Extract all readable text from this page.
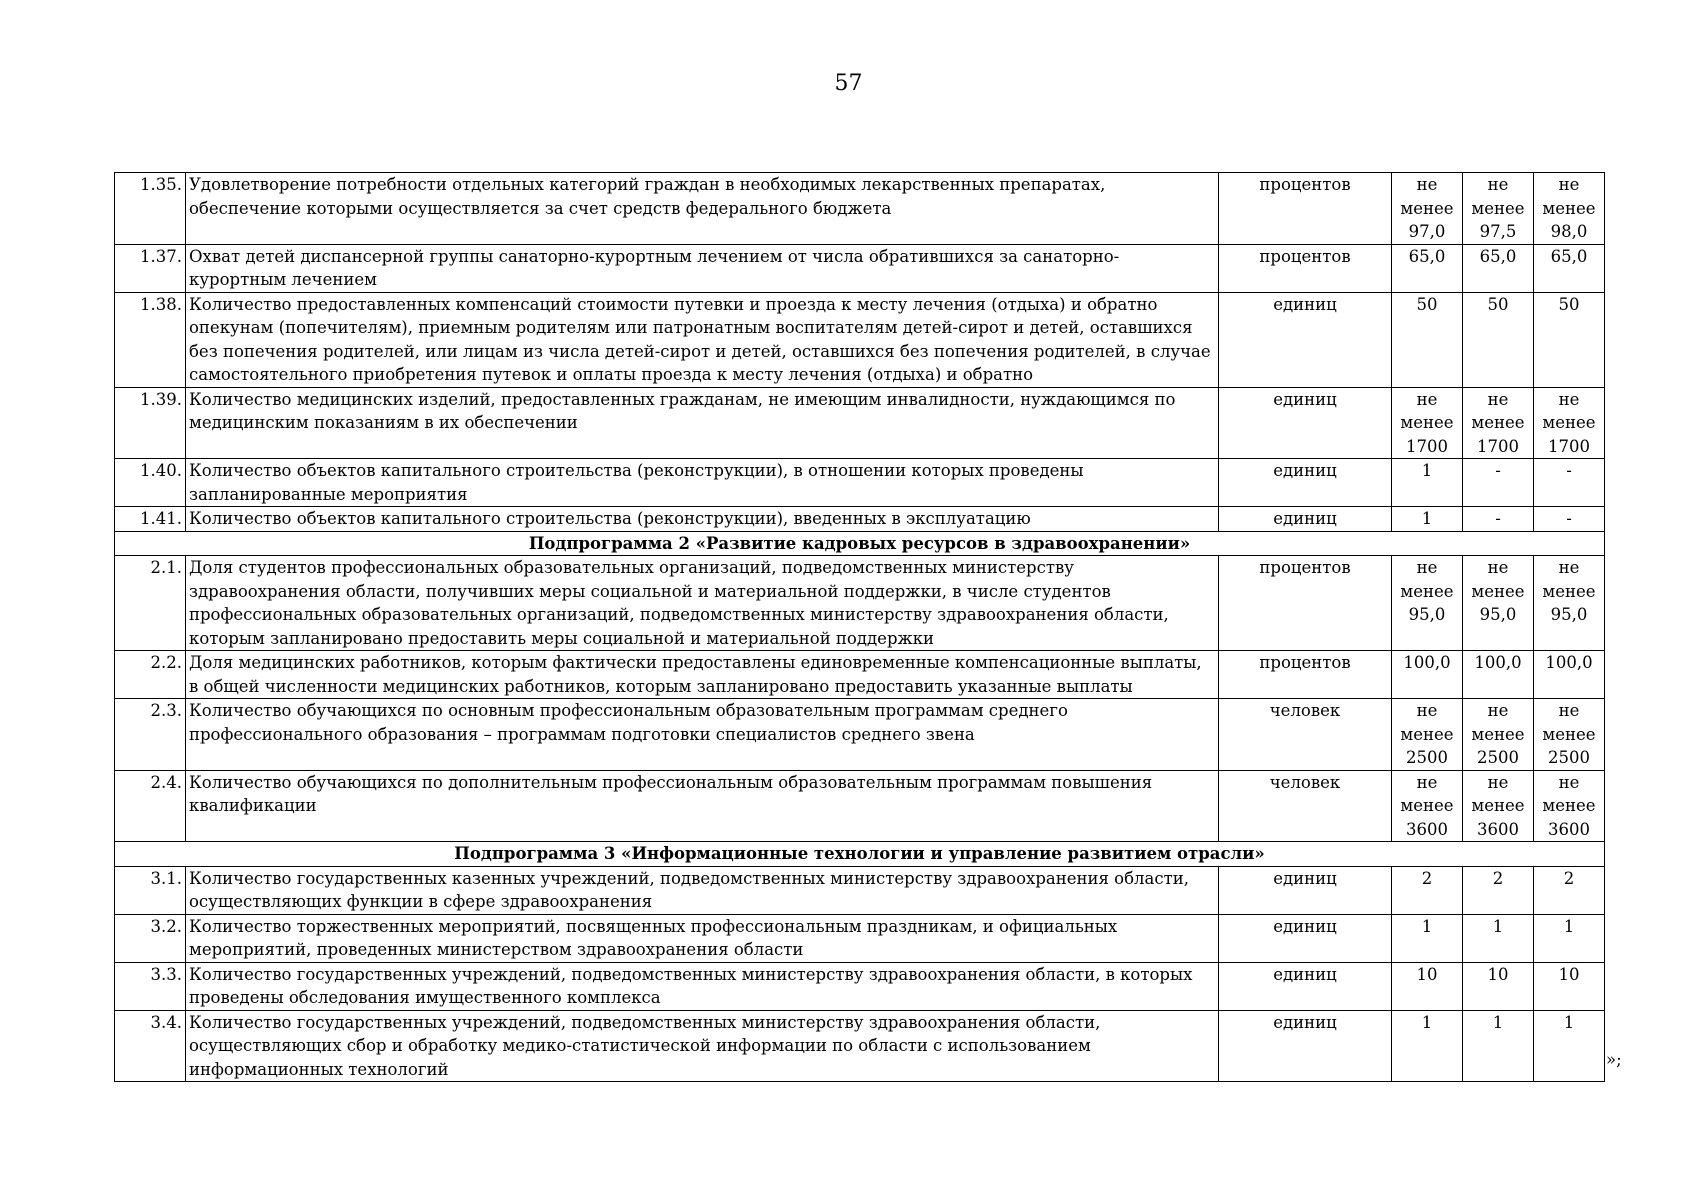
57
1.35.	Удовлетворение потребности отдельных категорий граждан в необходимых лекарственных препаратах, обеспечение которыми осуществляется за счет средств федерального бюджета	процентов	не менее 97,0	не менее 97,5	не менее 98,0
1.37.	Охват детей диспансерной группы санаторно-курортным лечением от числа обратившихся за санаторно-курортным лечением	процентов	65,0	65,0	65,0
1.38.	Количество предоставленных компенсаций стоимости путевки и проезда к месту лечения (отдыха) и обратно опекунам (попечителям), приемным родителям или патронатным воспитателям детей-сирот и детей, оставшихся без попечения родителей, или лицам из числа детей-сирот и детей, оставшихся без попечения родителей, в случае самостоятельного приобретения путевок и оплаты проезда к месту лечения (отдыха) и обратно	единиц	50	50	50
1.39.	Количество медицинских изделий, предоставленных гражданам, не имеющим инвалидности, нуждающимся по медицинским показаниям в их обеспечении	единиц	не менее 1700	не менее 1700	не менее 1700
1.40.	Количество объектов капитального строительства (реконструкции), в отношении которых проведены запланированные мероприятия	единиц	1	-	-
1.41.	Количество объектов капитального строительства (реконструкции), введенных в эксплуатацию	единиц	1	-	-
Подпрограмма 2 «Развитие кадровых ресурсов в здравоохранении»					
2.1.	Доля студентов профессиональных образовательных организаций, подведомственных министерству здравоохранения области, получивших меры социальной и материальной поддержки, в числе студентов профессиональных образовательных организаций, подведомственных министерству здравоохранения области, которым запланировано предоставить меры социальной и материальной поддержки	процентов	не менее 95,0	не менее 95,0	не менее 95,0
2.2.	Доля медицинских работников, которым фактически предоставлены единовременные компенсационные выплаты, в общей численности медицинских работников, которым запланировано предоставить указанные выплаты	процентов	100,0	100,0	100,0
2.3.	Количество обучающихся по основным профессиональным образовательным программам среднего профессионального образования – программам подготовки специалистов среднего звена	человек	не менее 2500	не менее 2500	не менее 2500
2.4.	Количество обучающихся по дополнительным профессиональным образовательным программам повышения квалификации	человек	не менее 3600	не менее 3600	не менее 3600
Подпрограмма 3 «Информационные технологии и управление развитием отрасли»					
3.1.	Количество государственных казенных учреждений, подведомственных министерству здравоохранения области, осуществляющих функции в сфере здравоохранения	единиц	2	2	2
3.2.	Количество торжественных мероприятий, посвященных профессиональным праздникам, и официальных мероприятий, проведенных министерством здравоохранения области	единиц	1	1	1
3.3.	Количество государственных учреждений, подведомственных министерству здравоохранения области, в которых проведены обследования имущественного комплекса	единиц	10	10	10
3.4.	Количество государственных учреждений, подведомственных министерству здравоохранения области, осуществляющих сбор и обработку медико-статистической информации по области с использованием информационных технологий	единиц	1	1	1
»;
